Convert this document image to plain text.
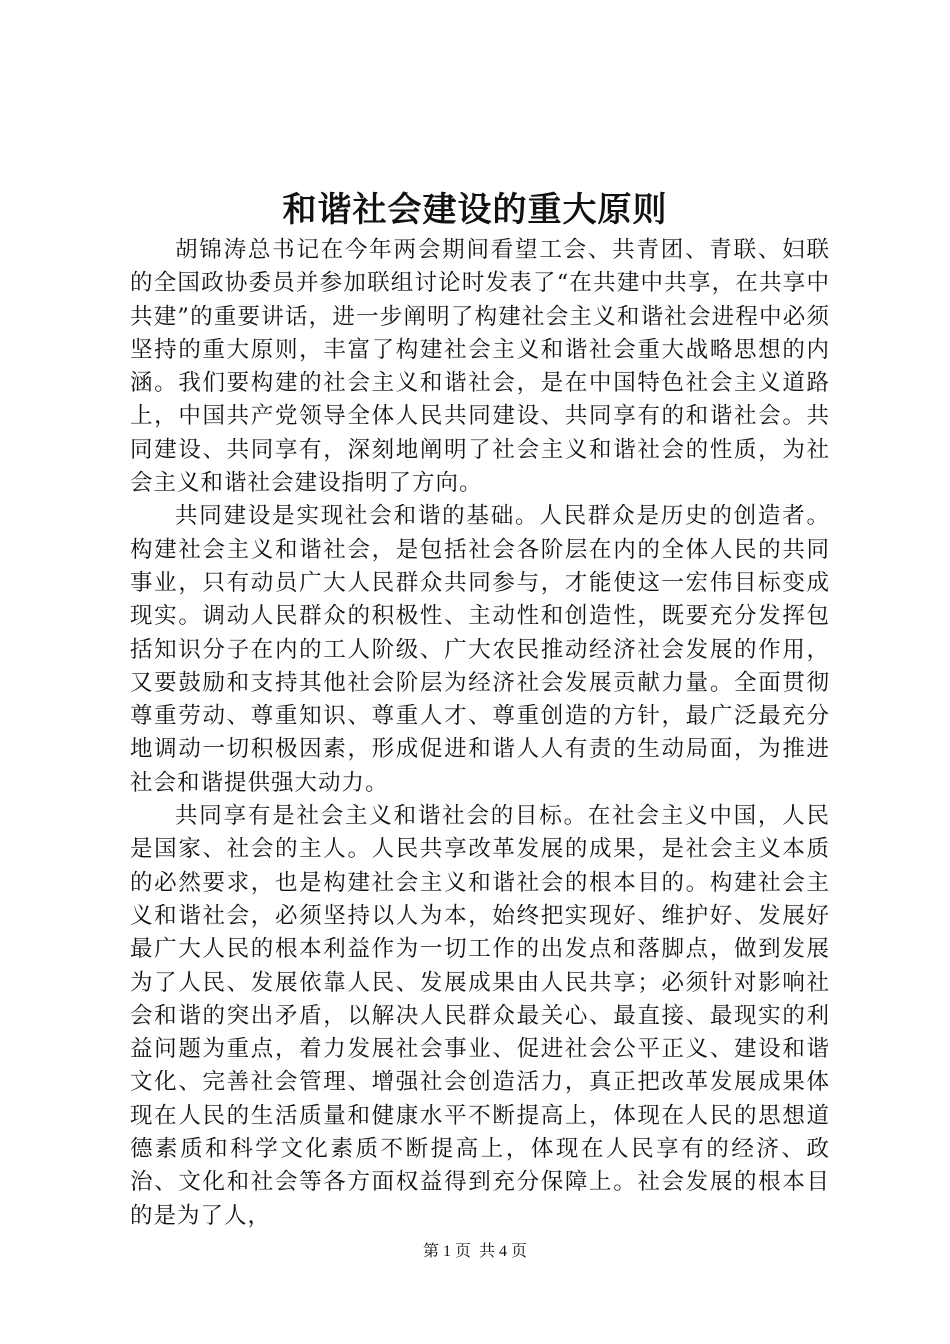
和谐社会建设的重大原则

胡锦涛总书记在今年两会期间看望工会、共青团、青联、妇联的全国政协委员并参加联组讨论时发表了“在共建中共享，在共享中共建”的重要讲话，进一步阐明了构建社会主义和谐社会进程中必须坚持的重大原则，丰富了构建社会主义和谐社会重大战略思想的内涵。我们要构建的社会主义和谐社会，是在中国特色社会主义道路上，中国共产党领导全体人民共同建设、共同享有的和谐社会。共同建设、共同享有，深刻地阐明了社会主义和谐社会的性质，为社会主义和谐社会建设指明了方向。

共同建设是实现社会和谐的基础。人民群众是历史的创造者。构建社会主义和谐社会，是包括社会各阶层在内的全体人民的共同事业，只有动员广大人民群众共同参与，才能使这一宏伟目标变成现实。调动人民群众的积极性、主动性和创造性，既要充分发挥包括知识分子在内的工人阶级、广大农民推动经济社会发展的作用，又要鼓励和支持其他社会阶层为经济社会发展贡献力量。全面贯彻尊重劳动、尊重知识、尊重人才、尊重创造的方针，最广泛最充分地调动一切积极因素，形成促进和谐人人有责的生动局面，为推进社会和谐提供强大动力。

共同享有是社会主义和谐社会的目标。在社会主义中国，人民是国家、社会的主人。人民共享改革发展的成果，是社会主义本质的必然要求，也是构建社会主义和谐社会的根本目的。构建社会主义和谐社会，必须坚持以人为本，始终把实现好、维护好、发展好最广大人民的根本利益作为一切工作的出发点和落脚点，做到发展为了人民、发展依靠人民、发展成果由人民共享；必须针对影响社会和谐的突出矛盾，以解决人民群众最关心、最直接、最现实的利益问题为重点，着力发展社会事业、促进社会公平正义、建设和谐文化、完善社会管理、增强社会创造活力，真正把改革发展成果体现在人民的生活质量和健康水平不断提高上，体现在人民的思想道德素质和科学文化素质不断提高上，体现在人民享有的经济、政治、文化和社会等各方面权益得到充分保障上。社会发展的根本目的是为了人，

第 1 页  共 4 页
